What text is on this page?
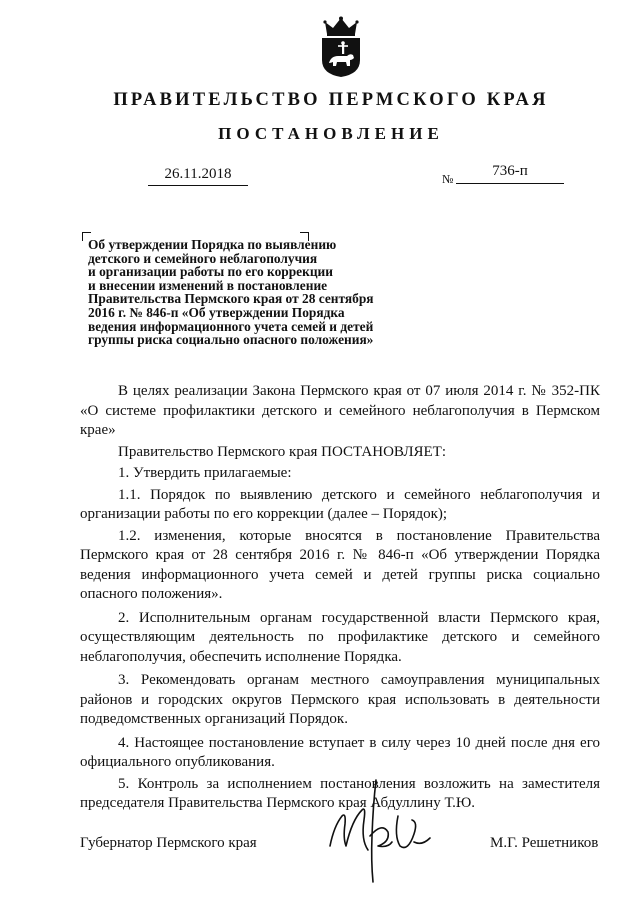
ПРАВИТЕЛЬСТВО ПЕРМСКОГО КРАЯ
ПОСТАНОВЛЕНИЕ
26.11.2018	№	736-п
Об утверждении Порядка по выявлению
детского и семейного неблагополучия
и организации работы по его коррекции
и внесении изменений в постановление
Правительства Пермского края от 28 сентября
2016 г. № 846-п «Об утверждении Порядка
ведения информационного учета семей и детей
группы риска социально опасного положения»

В целях реализации Закона Пермского края от 07 июля 2014 г. № 352-ПК «О системе профилактики детского и семейного неблагополучия в Пермском крае»

Правительство Пермского края ПОСТАНОВЛЯЕТ:

1. Утвердить прилагаемые:

1.1. Порядок по выявлению детского и семейного неблагополучия и организации работы по его коррекции (далее – Порядок);

1.2. изменения, которые вносятся в постановление Правительства Пермского края от 28 сентября 2016 г. № 846-п «Об утверждении Порядка ведения информационного учета семей и детей группы риска социально опасного положения».

2. Исполнительным органам государственной власти Пермского края, осуществляющим деятельность по профилактике детского и семейного неблагополучия, обеспечить исполнение Порядка.

3. Рекомендовать органам местного самоуправления муниципальных районов и городских округов Пермского края использовать в деятельности подведомственных организаций Порядок.

4. Настоящее постановление вступает в силу через 10 дней после дня его официального опубликования.

5. Контроль за исполнением постановления возложить на заместителя председателя Правительства Пермского края Абдуллину Т.Ю.

Губернатор Пермского края	М.Г. Решетников
